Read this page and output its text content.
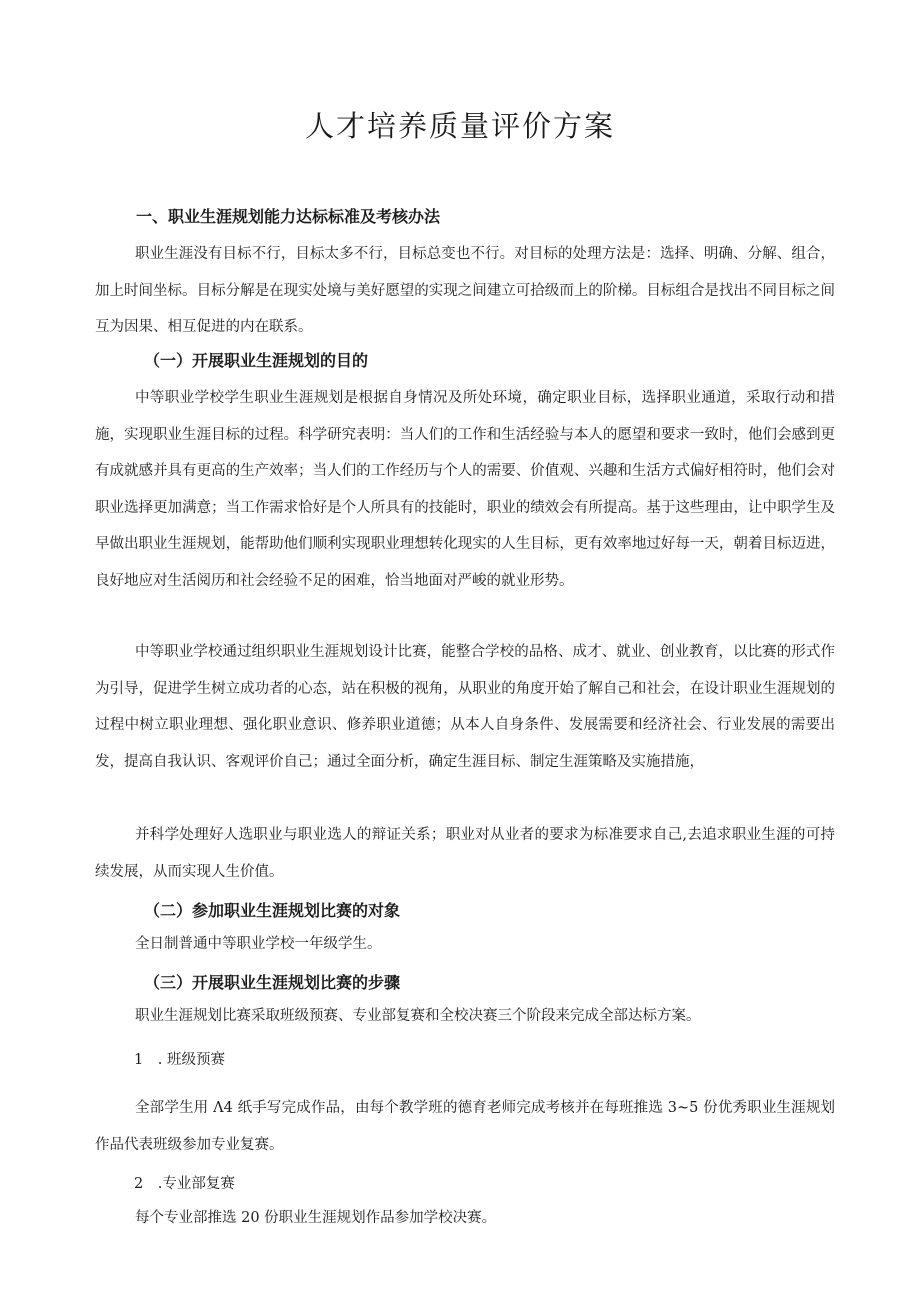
人才培养质量评价方案
一、职业生涯规划能力达标标准及考核办法

职业生涯没有目标不行，目标太多不行，目标总变也不行。对目标的处理方法是：选择、明确、分解、组合，加上时间坐标。目标分解是在现实处境与美好愿望的实现之间建立可拾级而上的阶梯。目标组合是找出不同目标之间互为因果、相互促进的内在联系。

（一）开展职业生涯规划的目的

中等职业学校学生职业生涯规划是根据自身情况及所处环境，确定职业目标，选择职业通道，采取行动和措施，实现职业生涯目标的过程。科学研究表明：当人们的工作和生活经验与本人的愿望和要求一致时，他们会感到更有成就感并具有更高的生产效率；当人们的工作经历与个人的需要、价值观、兴趣和生活方式偏好相符时，他们会对职业选择更加满意；当工作需求恰好是个人所具有的技能时，职业的绩效会有所提高。基于这些理由，让中职学生及早做出职业生涯规划，能帮助他们顺利实现职业理想转化现实的人生目标，更有效率地过好每一天，朝着目标迈进，良好地应对生活阅历和社会经验不足的困难，恰当地面对严峻的就业形势。

中等职业学校通过组织职业生涯规划设计比赛，能整合学校的品格、成才、就业、创业教育，以比赛的形式作为引导，促进学生树立成功者的心态，站在积极的视角，从职业的角度开始了解自己和社会，在设计职业生涯规划的过程中树立职业理想、强化职业意识、修养职业道德；从本人自身条件、发展需要和经济社会、行业发展的需要出发，提高自我认识、客观评价自己；通过全面分析，确定生涯目标、制定生涯策略及实施措施，

并科学处理好人选职业与职业选人的辩证关系；职业对从业者的要求为标准要求自己,去追求职业生涯的可持续发展，从而实现人生价值。

（二）参加职业生涯规划比赛的对象

全日制普通中等职业学校一年级学生。

（三）开展职业生涯规划比赛的步骤

职业生涯规划比赛采取班级预赛、专业部复赛和全校决赛三个阶段来完成全部达标方案。

1　. 班级预赛

全部学生用 Λ4 纸手写完成作品，由每个教学班的德育老师完成考核并在每班推选 3~5 份优秀职业生涯规划作品代表班级参加专业复赛。

2　.专业部复赛

每个专业部推选 20 份职业生涯规划作品参加学校决赛。
